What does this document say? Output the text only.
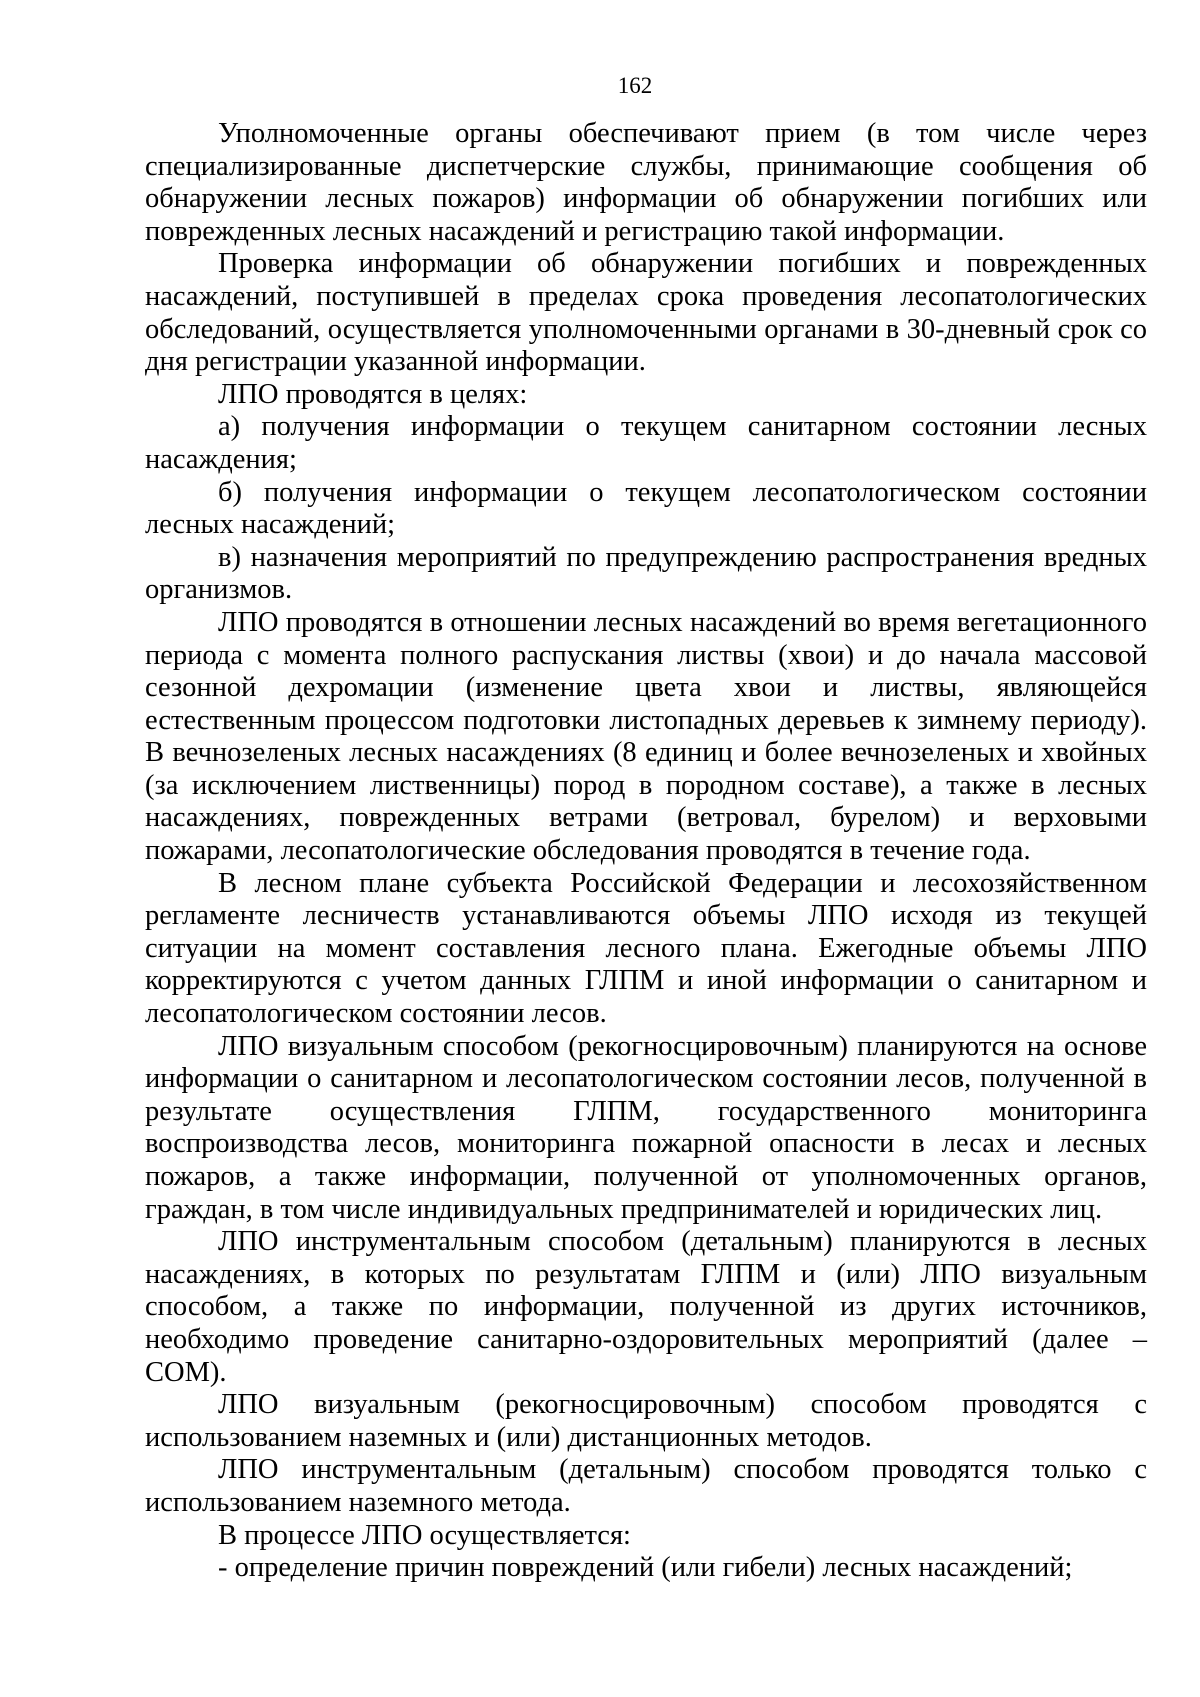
162

Уполномоченные органы обеспечивают прием (в том числе через специализированные диспетчерские службы, принимающие сообщения об обнаружении лесных пожаров) информации об обнаружении погибших или поврежденных лесных насаждений и регистрацию такой информации.

Проверка информации об обнаружении погибших и поврежденных насаждений, поступившей в пределах срока проведения лесопатологических обследований, осуществляется уполномоченными органами в 30-дневный срок со дня регистрации указанной информации.

ЛПО проводятся в целях:

а) получения информации о текущем санитарном состоянии лесных насаждения;

б) получения информации о текущем лесопатологическом состоянии лесных насаждений;

в) назначения мероприятий по предупреждению распространения вредных организмов.

ЛПО проводятся в отношении лесных насаждений во время вегетационного периода с момента полного распускания листвы (хвои) и до начала массовой сезонной дехромации (изменение цвета хвои и листвы, являющейся естественным процессом подготовки листопадных деревьев к зимнему периоду). В вечнозеленых лесных насаждениях (8 единиц и более вечнозеленых и хвойных (за исключением лиственницы) пород в породном составе), а также в лесных насаждениях, поврежденных ветрами (ветровал, бурелом) и верховыми пожарами, лесопатологические обследования проводятся в течение года.

В лесном плане субъекта Российской Федерации и лесохозяйственном регламенте лесничеств устанавливаются объемы ЛПО исходя из текущей ситуации на момент составления лесного плана. Ежегодные объемы ЛПО корректируются с учетом данных ГЛПМ и иной информации о санитарном и лесопатологическом состоянии лесов.

ЛПО визуальным способом (рекогносцировочным) планируются на основе информации о санитарном и лесопатологическом состоянии лесов, полученной в результате осуществления ГЛПМ, государственного мониторинга воспроизводства лесов, мониторинга пожарной опасности в лесах и лесных пожаров, а также информации, полученной от уполномоченных органов, граждан, в том числе индивидуальных предпринимателей и юридических лиц.

ЛПО инструментальным способом (детальным) планируются в лесных насаждениях, в которых по результатам ГЛПМ и (или) ЛПО визуальным способом, а также по информации, полученной из других источников, необходимо проведение санитарно-оздоровительных мероприятий (далее – СОМ).

ЛПО визуальным (рекогносцировочным) способом проводятся с использованием наземных и (или) дистанционных методов.

ЛПО инструментальным (детальным) способом проводятся только с использованием наземного метода.

В процессе ЛПО осуществляется:

- определение причин повреждений (или гибели) лесных насаждений;
